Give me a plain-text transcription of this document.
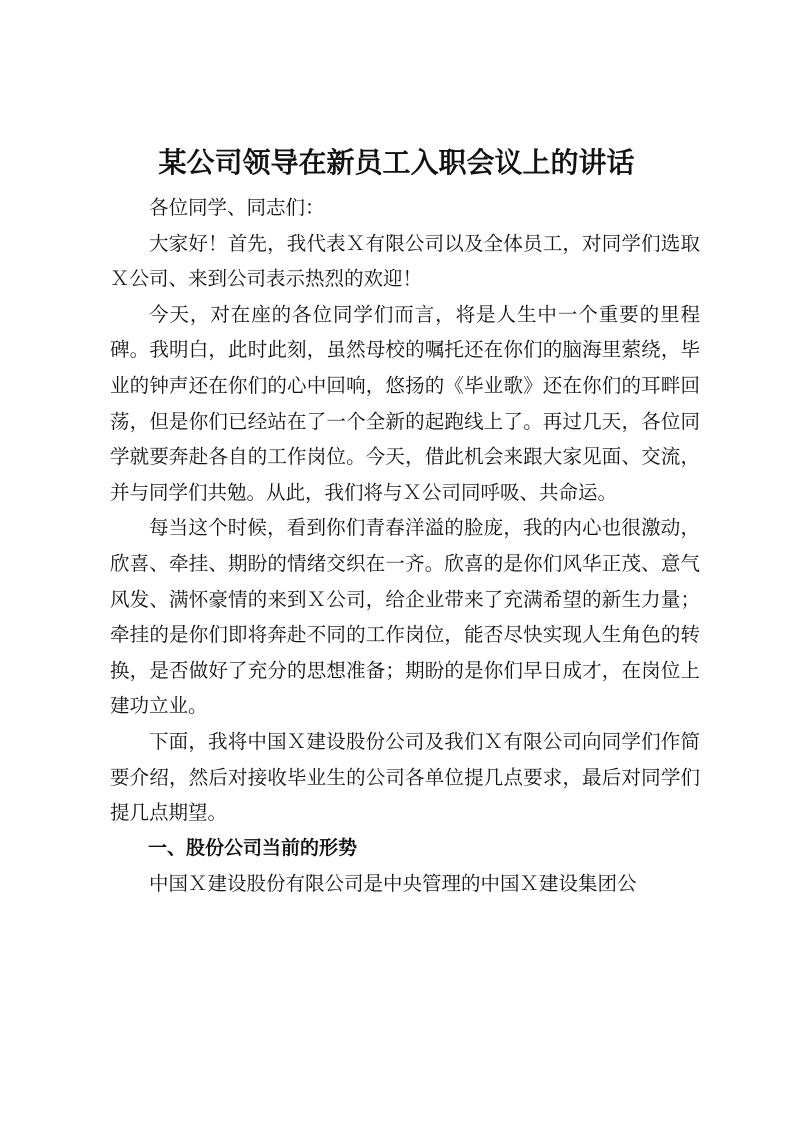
某公司领导在新员工入职会议上的讲话

各位同学、同志们：

大家好！首先，我代表Ｘ有限公司以及全体员工，对同学们选取Ｘ公司、来到公司表示热烈的欢迎！

今天，对在座的各位同学们而言，将是人生中一个重要的里程碑。我明白，此时此刻，虽然母校的嘱托还在你们的脑海里萦绕，毕业的钟声还在你们的心中回响，悠扬的《毕业歌》还在你们的耳畔回荡，但是你们已经站在了一个全新的起跑线上了。再过几天，各位同学就要奔赴各自的工作岗位。今天，借此机会来跟大家见面、交流，并与同学们共勉。从此，我们将与Ｘ公司同呼吸、共命运。

每当这个时候，看到你们青春洋溢的脸庞，我的内心也很激动，欣喜、牵挂、期盼的情绪交织在一齐。欣喜的是你们风华正茂、意气风发、满怀豪情的来到Ｘ公司，给企业带来了充满希望的新生力量；牵挂的是你们即将奔赴不同的工作岗位，能否尽快实现人生角色的转换，是否做好了充分的思想准备；期盼的是你们早日成才，在岗位上建功立业。

下面，我将中国Ｘ建设股份公司及我们Ｘ有限公司向同学们作简要介绍，然后对接收毕业生的公司各单位提几点要求，最后对同学们提几点期望。

一、股份公司当前的形势

中国Ｘ建设股份有限公司是中央管理的中国Ｘ建设集团公
